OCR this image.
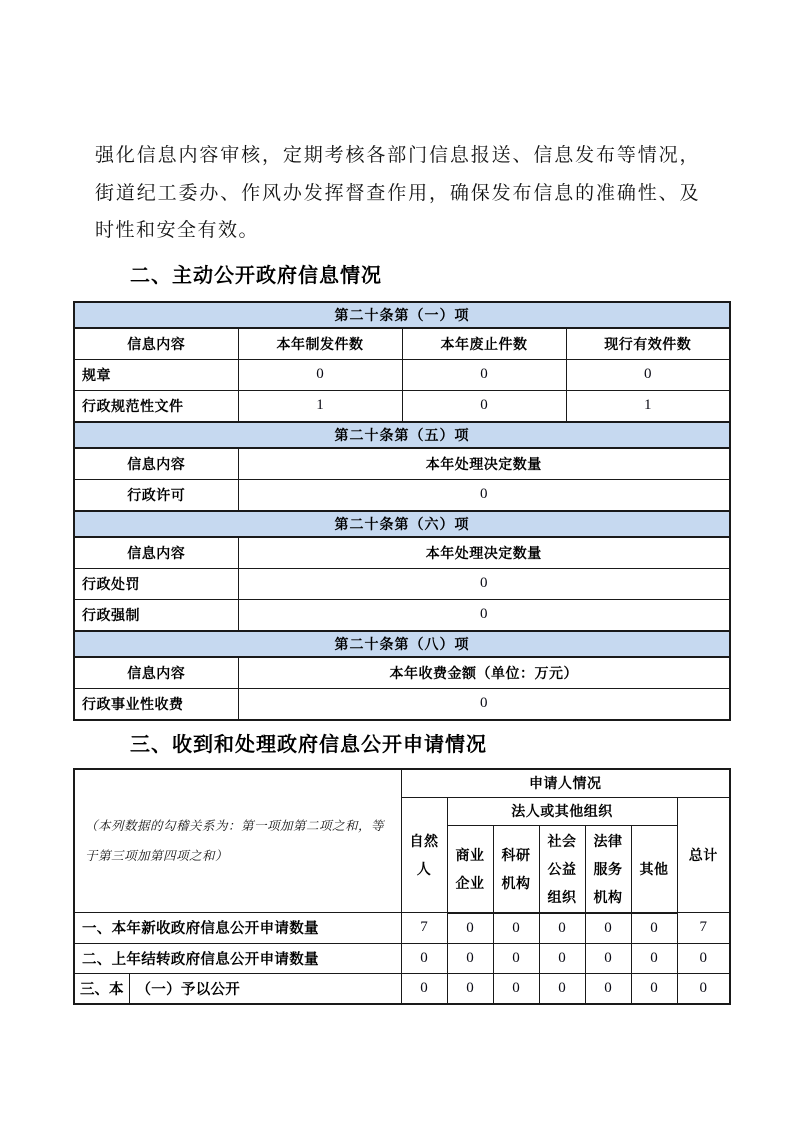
强化信息内容审核，定期考核各部门信息报送、信息发布等情况，街道纪工委办、作风办发挥督查作用，确保发布信息的准确性、及时性和安全有效。

二、主动公开政府信息情况
第二十条第（一）项			
信息内容	本年制发件数	本年废止件数	现行有效件数
规章	0	0	0
行政规范性文件	1	0	1
第二十条第（五）项			
信息内容	本年处理决定数量		
行政许可	0		
第二十条第（六）项			
信息内容	本年处理决定数量		
行政处罚	0		
行政强制	0		
第二十条第（八）项			
信息内容	本年收费金额（单位：万元）		
行政事业性收费	0		
三、收到和处理政府信息公开申请情况
（本列数据的勾稽关系为：第一项加第二项之和，等于第三项加第四项之和）		申请人情况						
		自然人	法人或其他组织					总计
			商业企业	科研机构	社会公益组织	法律服务机构	其他	
一、本年新收政府信息公开申请数量		7	0	0	0	0	0	7
二、上年结转政府信息公开申请数量		0	0	0	0	0	0	0
三、本	（一）予以公开	0	0	0	0	0	0	0
